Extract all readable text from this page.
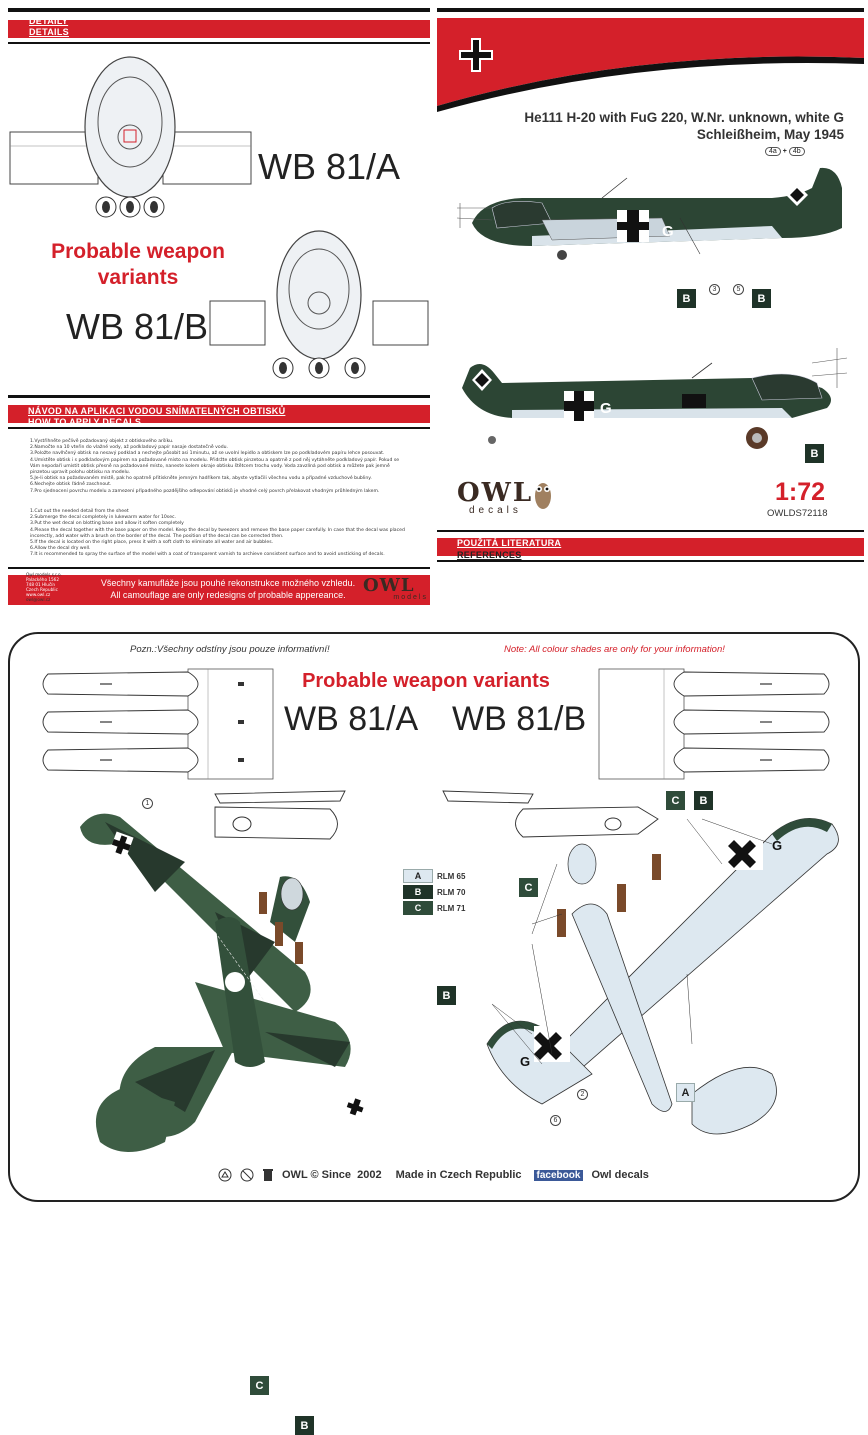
DETAILY
DETAILS
WB 81/A
Probable weapon
variants
WB 81/B
NÁVOD NA APLIKACI VODOU SNÍMATELNÝCH OBTISKŮ
HOW TO APPLY DECALS
1.Vystřihněte pečlivě požadovaný objekt z obtiskového aršíku.
2.Namočte na 10 vteřin do vlažné vody, až podkladový papír nasaje dostatečně vodu.
3.Položte navlhčený obtisk na nesavý podklad a nechejte působit asi 1minutu, až se uvolní lepidlo a obtiskem lze po podkladovém papíru lehce posouvat.
4.Umístěte obtisk i s podkladovým papírem na požadované místo na modelu. Přidržte obtisk pinzetou a opatrně z pod něj vytáhněte podkladový papír. Pokud se
Vám nepodaří umístit obtisk přesně na požadované místo, naneste kolem okraje obtisku štětcem trochu vody. Voda zavzlíná pod obtisk a můžete pak jemně
pinzetou upravit polohu obtisku na modelu.
5.Je-li obtisk na požadovaném místě, pak ho opatrně přitiskněte jemným hadříkem tak, abyste vytlačili všechnu vodu a případné vzduchové bubliny.
6.Nechejte obtisk řádně zaschnout.
7.Pro sjednocení povrchu modelu a zamezení případného pozdějšího odlepování obtisků je vhodné celý povrch přelakovat vhodným průhledným lakem.
1.Cut out the needed detail from the sheet
2.Submerge the decal completely in lukewarm water for 10sec.
3.Put the wet decal on blotting base and allow it soften completely
4.Please the decal together with the base paper on the model. Keep the decal by tweezers and remove the base paper carefully. In case that the decal was placed
incorectly, add water with a brush on the border of the decal. The position of the decal can be corrected then.
5.If the decal is located on the right place, press it with a soft cloth to eliminate all water and air bubbles.
6.Allow the decal dry well.
7.It is recommended to spray the surface of the model with a coat of transparent varnish to archieve consistent surface and to avoid unsticking of decals.
Owl models s.r.o.
Palackého 1562
748 01 Hlučín
Czech Republic
www.owl.cz
owl@owl.cz
Všechny kamufláže jsou pouhé rekonstrukce možného vzhledu.
All camouflage are only redesigns of probable appereance. OWL
models
He111 H-20 with FuG 220, W.Nr. unknown, white G
Schleißheim, May 1945
4a + 4b
G
3	5
B	B
G
B
OWL
decals
1:72
OWLDS72118
POUŽITÁ LITERATURA
REFERENCES
Pozn.:Všechny odstíny jsou pouze informativní!	Note: All colour shades are only for your information!
Probable weapon variants
WB 81/A WB 81/B
1
C
B
A	RLM 65
B	RLM 70
C	RLM 71
G
G
C	B
C
B
A
2
6
OWL © Since  2002 Made in Czech Republic	facebook Owl decals
